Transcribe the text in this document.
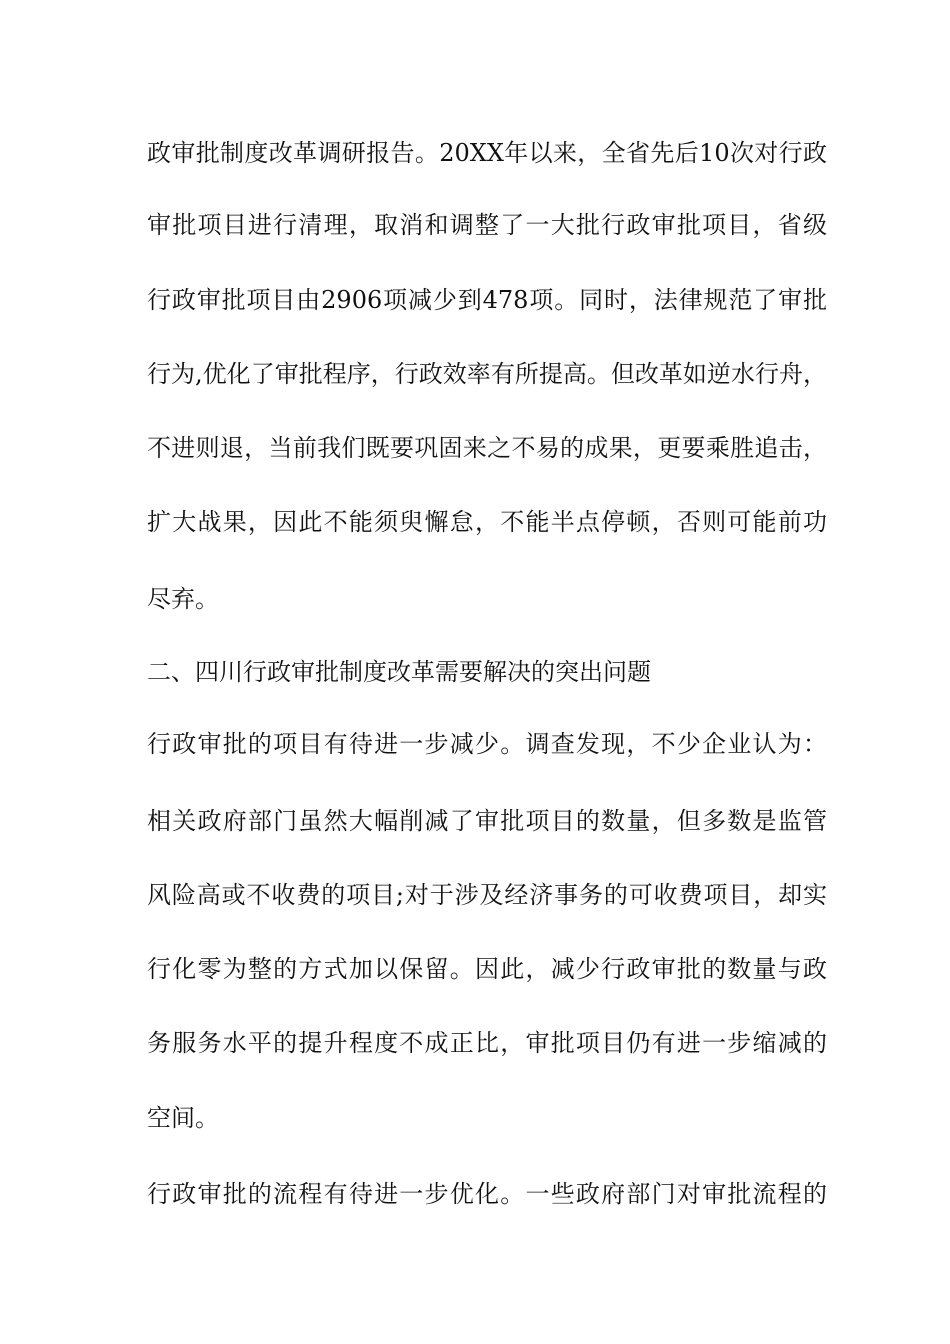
政审批制度改革调研报告。20XX年以来，全省先后10次对行政

审批项目进行清理，取消和调整了一大批行政审批项目，省级

行政审批项目由2906项减少到478项。同时，法律规范了审批

行为,优化了审批程序，行政效率有所提高。但改革如逆水行舟，

不进则退，当前我们既要巩固来之不易的成果，更要乘胜追击，

扩大战果，因此不能须臾懈怠，不能半点停顿，否则可能前功

尽弃。

二、四川行政审批制度改革需要解决的突出问题

行政审批的项目有待进一步减少。调查发现，不少企业认为：

相关政府部门虽然大幅削减了审批项目的数量，但多数是监管

风险高或不收费的项目;对于涉及经济事务的可收费项目，却实

行化零为整的方式加以保留。因此，减少行政审批的数量与政

务服务水平的提升程度不成正比，审批项目仍有进一步缩减的

空间。

行政审批的流程有待进一步优化。一些政府部门对审批流程的
